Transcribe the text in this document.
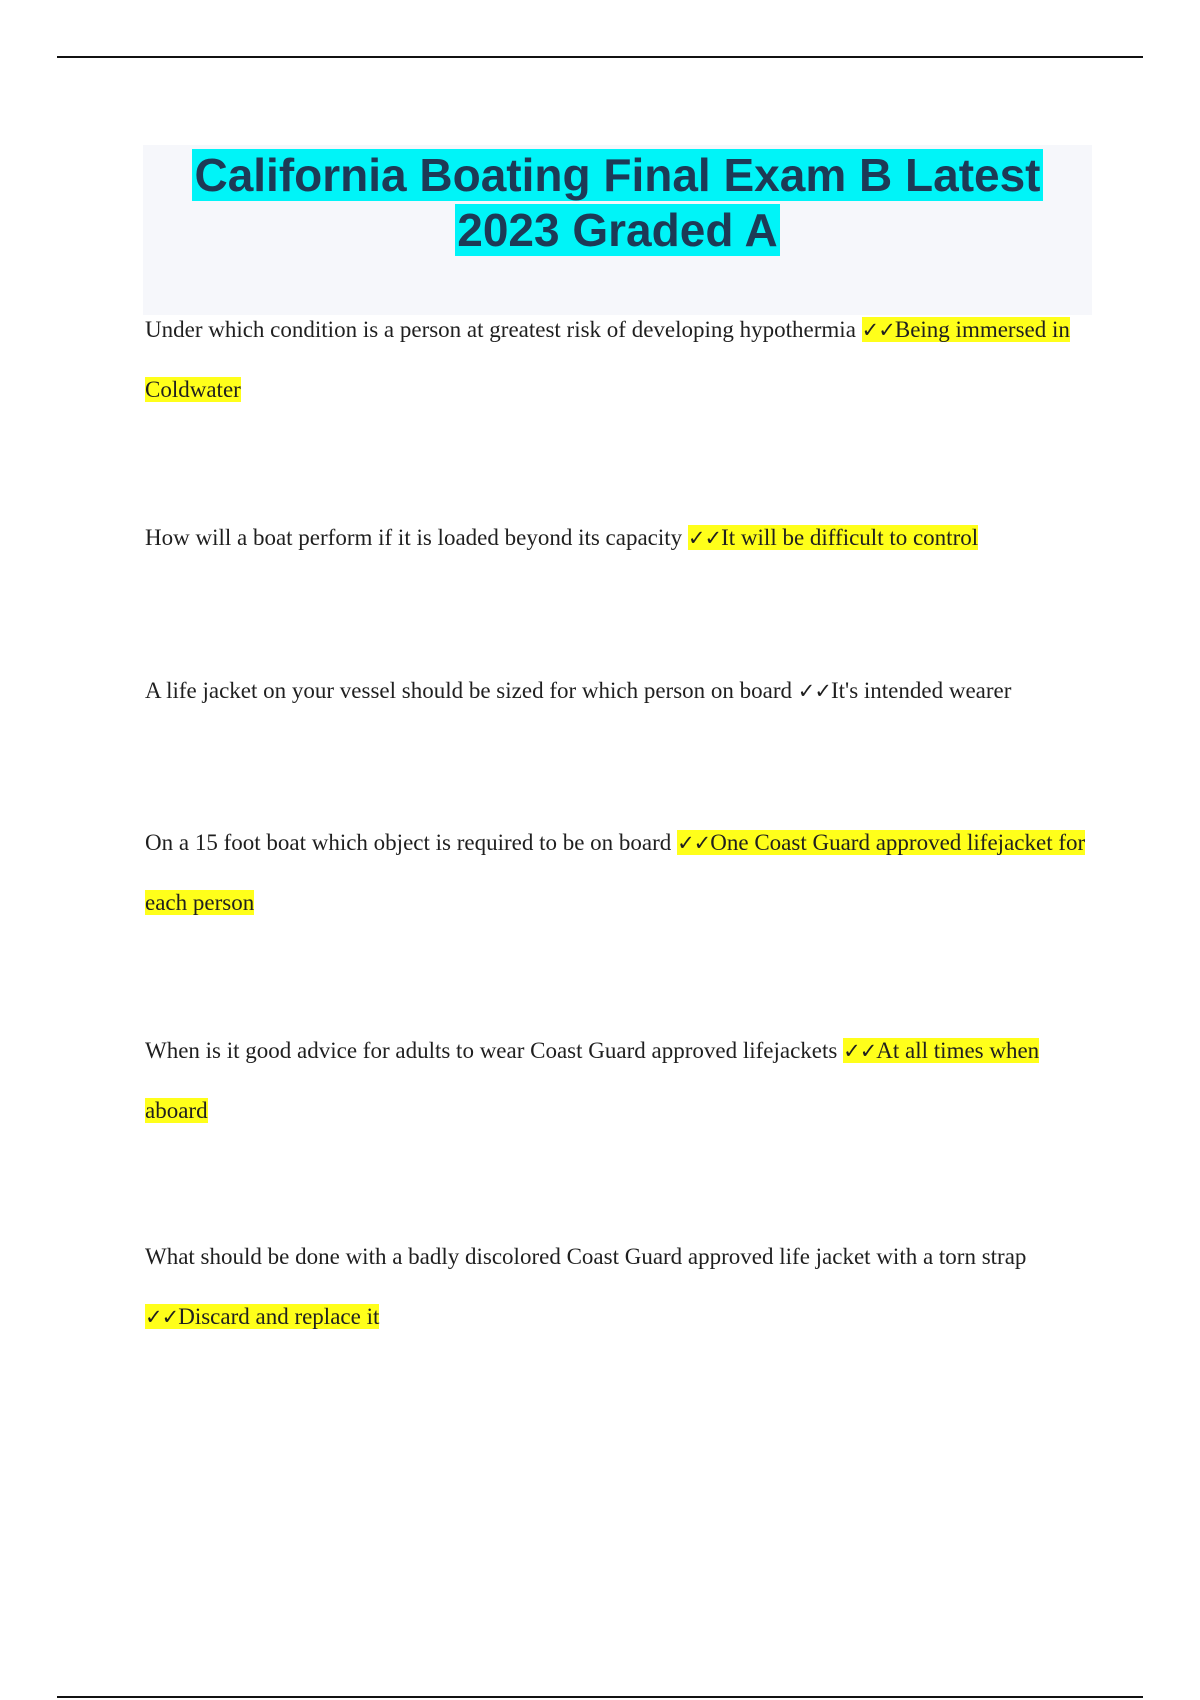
California Boating Final Exam B Latest 2023 Graded A

Under which condition is a person at greatest risk of developing hypothermia ✓✓Being immersed in Coldwater

How will a boat perform if it is loaded beyond its capacity ✓✓It will be difficult to control

A life jacket on your vessel should be sized for which person on board ✓✓It's intended wearer

On a 15 foot boat which object is required to be on board ✓✓One Coast Guard approved lifejacket for each person

When is it good advice for adults to wear Coast Guard approved lifejackets ✓✓At all times when aboard

What should be done with a badly discolored Coast Guard approved life jacket with a torn strap ✓✓Discard and replace it
